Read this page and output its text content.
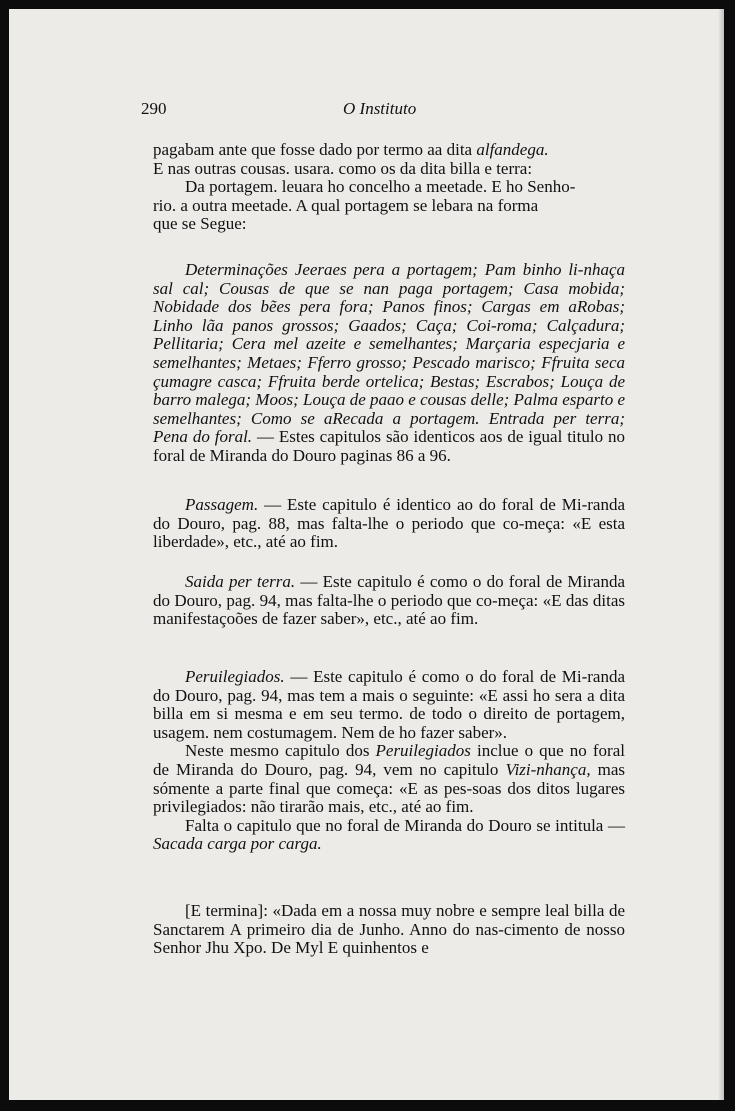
290	O Instituto

pagabam ante que fosse dado por termo aa dita alfandega.

E nas outras cousas. usara. como os da dita billa e terra:

Da portagem. leuara ho concelho a meetade. E ho Senho-

rio. a outra meetade. A qual portagem se lebara na forma

que se Segue:

Determinações Jeeraes pera a portagem; Pam binho li-nhaça sal cal; Cousas de que se nan paga portagem; Casa mobida; Nobidade dos bẽes pera fora; Panos finos; Cargas em aRobas; Linho lãa panos grossos; Gaados; Caça; Coi-roma; Calçadura; Pellitaria; Cera mel azeite e semelhantes; Marçaria especjaria e semelhantes; Metaes; Fferro grosso; Pescado marisco; Ffruita seca çumagre casca; Ffruita berde ortelica; Bestas; Escrabos; Louça de barro malega; Moos; Louça de paao e cousas delle; Palma esparto e semelhantes; Como se aRecada a portagem. Entrada per terra; Pena do foral. — Estes capitulos são identicos aos de igual titulo no foral de Miranda do Douro paginas 86 a 96.

Passagem. — Este capitulo é identico ao do foral de Mi-randa do Douro, pag. 88, mas falta-lhe o periodo que co-meça: «E esta liberdade», etc., até ao fim.

Saida per terra. — Este capitulo é como o do foral de Miranda do Douro, pag. 94, mas falta-lhe o periodo que co-meça: «E das ditas manifestaçoões de fazer saber», etc., até ao fim.

Peruilegiados. — Este capitulo é como o do foral de Mi-randa do Douro, pag. 94, mas tem a mais o seguinte: «E assi ho sera a dita billa em si mesma e em seu termo. de todo o direito de portagem, usagem. nem costumagem. Nem de ho fazer saber».

Neste mesmo capitulo dos Peruilegiados inclue o que no foral de Miranda do Douro, pag. 94, vem no capitulo Vizi-nhança, mas sómente a parte final que começa: «E as pes-soas dos ditos lugares privilegiados: não tirarão mais, etc., até ao fim.

Falta o capitulo que no foral de Miranda do Douro se intitula — Sacada carga por carga.

[E termina]: «Dada em a nossa muy nobre e sempre leal billa de Sanctarem A primeiro dia de Junho. Anno do nas-cimento de nosso Senhor Jhu Xpo. De Myl E quinhentos e
